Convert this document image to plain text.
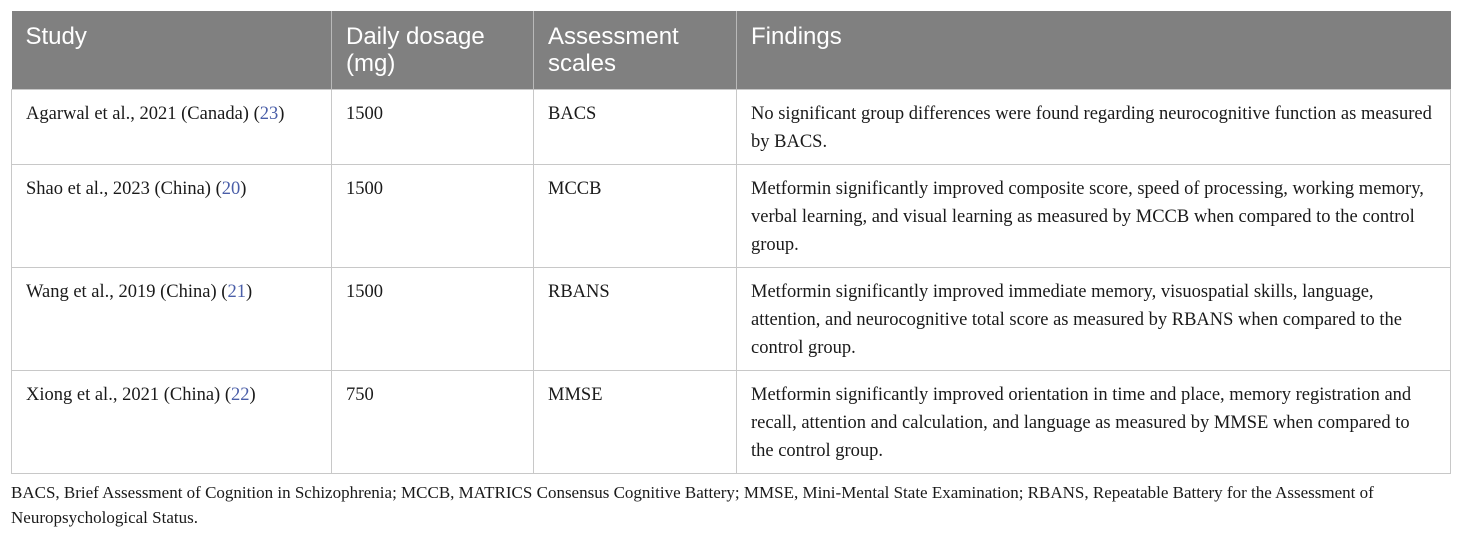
Study	Daily dosage (mg)	Assessment scales	Findings
Agarwal et al., 2021 (Canada) (23)	1500	BACS	No significant group differences were found regarding neurocognitive function as measured by BACS.
Shao et al., 2023 (China) (20)	1500	MCCB	Metformin significantly improved composite score, speed of processing, working memory, verbal learning, and visual learning as measured by MCCB when compared to the control group.
Wang et al., 2019 (China) (21)	1500	RBANS	Metformin significantly improved immediate memory, visuospatial skills, language, attention, and neurocognitive total score as measured by RBANS when compared to the control group.
Xiong et al., 2021 (China) (22)	750	MMSE	Metformin significantly improved orientation in time and place, memory registration and recall, attention and calculation, and language as measured by MMSE when compared to the control group.
BACS, Brief Assessment of Cognition in Schizophrenia; MCCB, MATRICS Consensus Cognitive Battery; MMSE, Mini-Mental State Examination; RBANS, Repeatable Battery for the Assessment of Neuropsychological Status.
